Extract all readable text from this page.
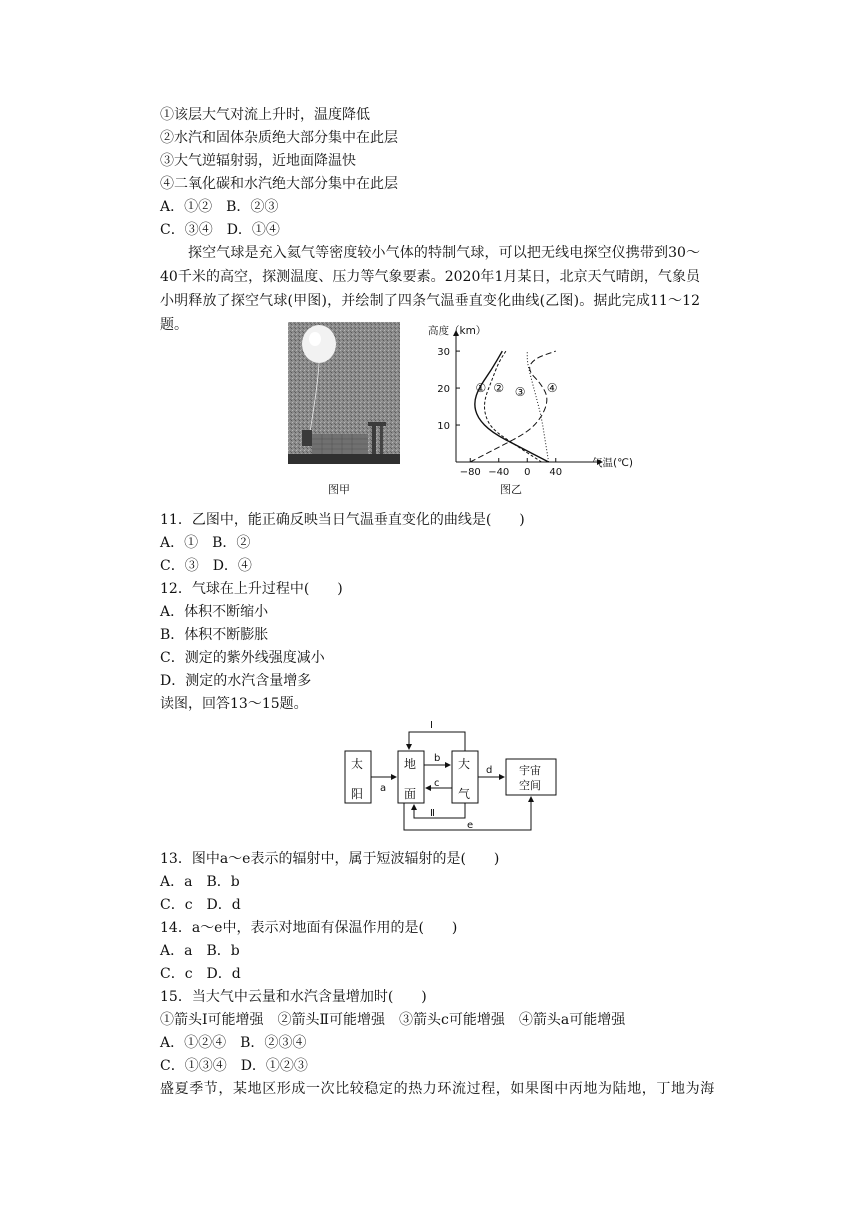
①该层大气对流上升时，温度降低
②水汽和固体杂质绝大部分集中在此层
③大气逆辐射弱，近地面降温快
④二氧化碳和水汽绝大部分集中在此层
A．①②　B．②③
C．③④　D．①④
探空气球是充入氦气等密度较小气体的特制气球，可以把无线电探空仪携带到30～40千米的高空，探测温度、压力等气象要素。2020年1月某日，北京天气晴朗，气象员小明释放了探空气球(甲图)，并绘制了四条气温垂直变化曲线(乙图)。据此完成11～12题。
图甲
30
20
10
−80 −40 0 40
高度（km）
气温(℃)
① ② ③ ④
图乙
11．乙图中，能正确反映当日气温垂直变化的曲线是(　　)
A．①　B．②
C．③　D．④
12．气球在上升过程中(　　)
A．体积不断缩小
B．体积不断膨胀
C．测定的紫外线强度减小
D．测定的水汽含量增多
读图，回答13～15题。
太
阳
地
面
大
气
宇宙
空间
Ⅰ
a
b
c
d
Ⅱ
e
13．图中a～e表示的辐射中，属于短波辐射的是(　　)
A．a　B．b
C．c　D．d
14．a～e中，表示对地面有保温作用的是(　　)
A．a　B．b
C．c　D．d
15．当大气中云量和水汽含量增加时(　　)
①箭头Ⅰ可能增强　②箭头Ⅱ可能增强　③箭头c可能增强　④箭头a可能增强
A．①②④　B．②③④
C．①③④　D．①②③
盛夏季节，某地区形成一次比较稳定的热力环流过程，如果图中丙地为陆地，丁地为海
